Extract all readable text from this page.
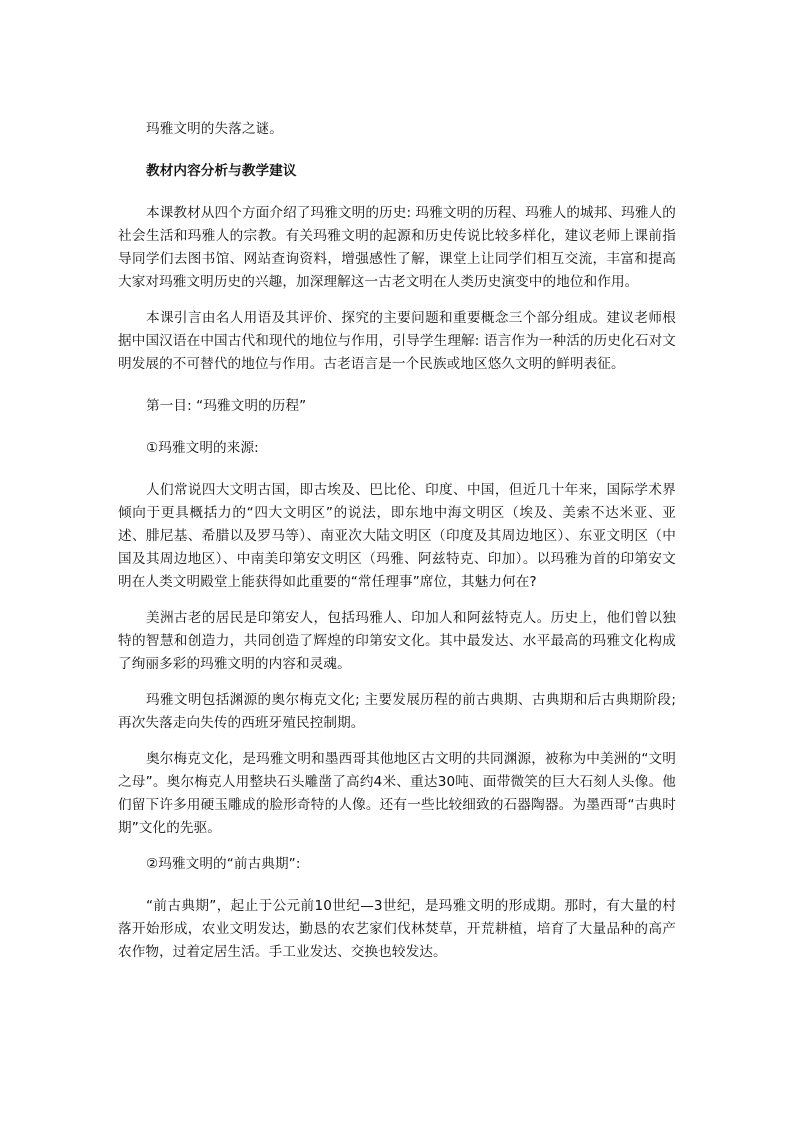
玛雅文明的失落之谜。

教材内容分析与教学建议

本课教材从四个方面介绍了玛雅文明的历史: 玛雅文明的历程、玛雅人的城邦、玛雅人的社会生活和玛雅人的宗教。有关玛雅文明的起源和历史传说比较多样化，建议老师上课前指导同学们去图书馆、网站查询资料，增强感性了解，课堂上让同学们相互交流，丰富和提高大家对玛雅文明历史的兴趣，加深理解这一古老文明在人类历史演变中的地位和作用。

本课引言由名人用语及其评价、探究的主要问题和重要概念三个部分组成。建议老师根据中国汉语在中国古代和现代的地位与作用，引导学生理解: 语言作为一种活的历史化石对文明发展的不可替代的地位与作用。古老语言是一个民族或地区悠久文明的鲜明表征。

第一目: “玛雅文明的历程”

①玛雅文明的来源:

人们常说四大文明古国，即古埃及、巴比伦、印度、中国，但近几十年来，国际学术界倾向于更具概括力的“四大文明区”的说法，即东地中海文明区（埃及、美索不达米亚、亚述、腓尼基、希腊以及罗马等）、南亚次大陆文明区（印度及其周边地区）、东亚文明区（中国及其周边地区）、中南美印第安文明区（玛雅、阿兹特克、印加）。以玛雅为首的印第安文明在人类文明殿堂上能获得如此重要的“常任理事”席位，其魅力何在?

美洲古老的居民是印第安人，包括玛雅人、印加人和阿兹特克人。历史上，他们曾以独特的智慧和创造力，共同创造了辉煌的印第安文化。其中最发达、水平最高的玛雅文化构成了绚丽多彩的玛雅文明的内容和灵魂。

玛雅文明包括渊源的奥尔梅克文化; 主要发展历程的前古典期、古典期和后古典期阶段; 再次失落走向失传的西班牙殖民控制期。

奥尔梅克文化，是玛雅文明和墨西哥其他地区古文明的共同渊源，被称为中美洲的“文明之母”。奥尔梅克人用整块石头雕凿了高约4米、重达30吨、面带微笑的巨大石刻人头像。他们留下许多用硬玉雕成的脸形奇特的人像。还有一些比较细致的石器陶器。为墨西哥“古典时期”文化的先驱。

②玛雅文明的“前古典期”:

“前古典期”，起止于公元前10世纪—3世纪，是玛雅文明的形成期。那时，有大量的村落开始形成，农业文明发达，勤恳的农艺家们伐林焚草，开荒耕植，培育了大量品种的高产农作物，过着定居生活。手工业发达、交换也较发达。
